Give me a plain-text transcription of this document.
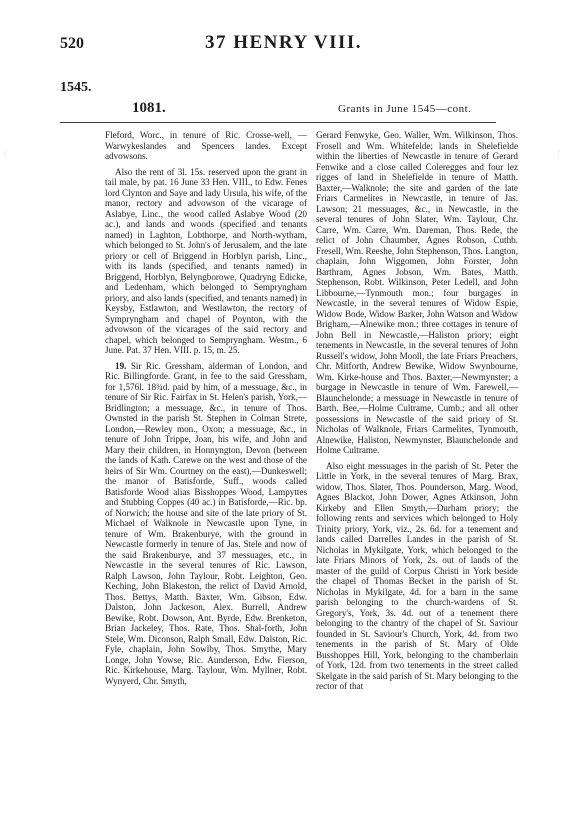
520	37 HENRY VIII.
1545.
1081.	Grants in June 1545—cont.

Fleford, Worc., in tenure of Ric. Crosse-well, — Warwykeslandes and Spencers landes. Except advowsons.

Also the rent of 3l. 15s. reserved upon the grant in tail male, by pat. 16 June 33 Hen. VIII., to Edw. Fenes lord Clynton and Saye and lady Ursula, his wife, of the manor, rectory and advowson of the vicarage of Aslabye, Linc., the wood called Aslabye Wood (20 ac.), and lands and woods (specified and tenants named) in Laghton, Lobthorpe, and North-wytham, which belonged to St. John's of Jerusalem, and the late priory or cell of Briggend in Horblyn parish, Linc., with its lands (specified, and tenants named) in Briggend, Horblyn, Belyngborowe, Quadryng Edicke, and Ledenham, which belonged to Sempryngham priory, and also lands (specified, and tenants named) in Keysby, Estlawton, and Westlawton, the rectory of Sympryngham and chapel of Poynton, with the advowson of the vicarages of the said rectory and chapel, which belonged to Sempryngham. Westm., 6 June. Pat. 37 Hen. VIII. p. 15, m. 25.

19. Sir Ric. Gressham, alderman of London, and Ric. Billingforde. Grant, in fee to the said Gressham, for 1,576l. 18¾d. paid by him, of a messuage, &c., in tenure of Sir Ric. Fairfax in St. Helen's parish, York,—Bridlington; a messuage, &c., in tenure of Thos. Ownsted in the parish St. Stephen in Colman Strete, London,—Rewley mon., Oxon; a messuage, &c., in tenure of John Trippe, Joan, his wife, and John and Mary their children, in Honnyngton, Devon (between the lands of Kath. Carewe on the west and those of the heirs of Sir Wm. Courtney on the east),—Dunkeswell; the manor of Batisforde, Suff., woods called Batisforde Wood alias Bisshoppes Wood, Lampyttes and Stubbing Coppes (40 ac.) in Batisforde,—Ric. bp. of Norwich; the house and site of the late priory of St. Michael of Walknole in Newcastle upon Tyne, in tenure of Wm. Brakenburye, with the ground in Newcastle formerly in tenure of Jas. Stele and now of the said Brakenburye, and 37 messuages, etc., in Newcastle in the several tenures of Ric. Lawson, Ralph Lawson, John Taylour, Robt. Leighton, Geo. Keching, John Blakeston, the relict of David Arnold, Thos. Bettys, Matth. Baxter, Wm. Gibson, Edw. Dalston, John Jackeson, Alex. Burrell, Andrew Bewike, Robt. Dowson, Ant. Byrde, Edw. Brenketon, Brian Jackeley, Thos. Rate, Thos. Shal-forth, John Stele, Wm. Diconson, Ralph Small, Edw. Dalston, Ric. Fyle, chaplain, John Sowlby, Thos. Smythe, Mary Longe, John Yowse, Ric. Aunderson, Edw. Fierson, Ric. Kirkehouse, Marg. Taylour, Wm. Myllner, Robt. Wynyerd, Chr. Smyth,

Gerard Fenwyke, Geo. Waller, Wm. Wilkinson, Thos. Frosell and Wm. Whitefelde; lands in Shelefielde within the liberties of Newcastle in tenure of Gerard Fenwike and a close called Coleregges and four lez rigges of land in Shelefielde in tenure of Matth. Baxter,—Walknole; the site and garden of the late Friars Carmelites in Newcastle, in tenure of Jas. Lawson; 21 messuages, &c., in Newcastle, in the several tenures of John Slater, Wm. Taylour, Chr. Carre, Wm. Carre, Wm. Dareman, Thos. Rede, the relict of John Chaumber, Agnes Robson, Cuthb. Fresell, Wm. Reeshe, John Stephenson, Thos. Langton, chaplain, John Wiggomen, John Forster, John Barthram, Agnes Jobson, Wm. Bates, Matth. Stephenson, Robt. Wilkinson, Peter Ledell, and John Libbourne,—Tynmouth mon.; four burgages in Newcastle, in the several tenures of Widow Espie, Widow Bode, Widow Barker, John Watson and Widow Brigham,—Alnewike mon.; three cottages in tenure of John Bell in Newcastle,—Haliston priory; eight tenements in Newcastle, in the several tenures of John Russell's widow, John Mooll, the late Friars Preachers, Chr. Mitforth, Andrew Bewike, Widow Swynbourne, Wm. Kirke-house and Thos. Baxter,—Newmynster; a burgage in Newcastle in tenure of Wm. Farewell,—Blaunchelonde; a messuage in Newcastle in tenure of Barth. Bee,—Holme Cultrame, Cumb.; and all other possessions in Newcastle of the said priory of St. Nicholas of Walknole, Friars Carmelites, Tynmouth, Alnewike, Haliston, Newmynster, Blaunchelonde and Holme Cultrame.

Also eight messuages in the parish of St. Peter the Little in York, in the several tenures of Marg. Brax, widow, Thos. Slater, Thos. Pounderson, Marg. Wood, Agnes Blackot, John Dower, Agnes Atkinson, John Kirkeby and Ellen Smyth,—Durham priory; the following rents and services which belonged to Holy Trinity priory, York, viz., 2s. 6d. for a tenement and lands called Darrelles Landes in the parish of St. Nicholas in Mykilgate, York, which belonged to the late Friars Minors of York, 2s. out of lands of the master of the guild of Corpus Christi in York beside the chapel of Thomas Becket in the parish of St. Nicholas in Mykilgate, 4d. for a barn in the same parish belonging to the church-wardens of St. Gregory's, York, 3s. 4d. out of a tenement there belonging to the chantry of the chapel of St. Saviour founded in St. Saviour's Church, York, 4d. from two tenements in the parish of St. Mary of Olde Busshoppes Hill, York, belonging to the chamberlain of York, 12d. from two tenements in the street called Skelgate in the said parish of St. Mary belonging to the rector of that

│	│
